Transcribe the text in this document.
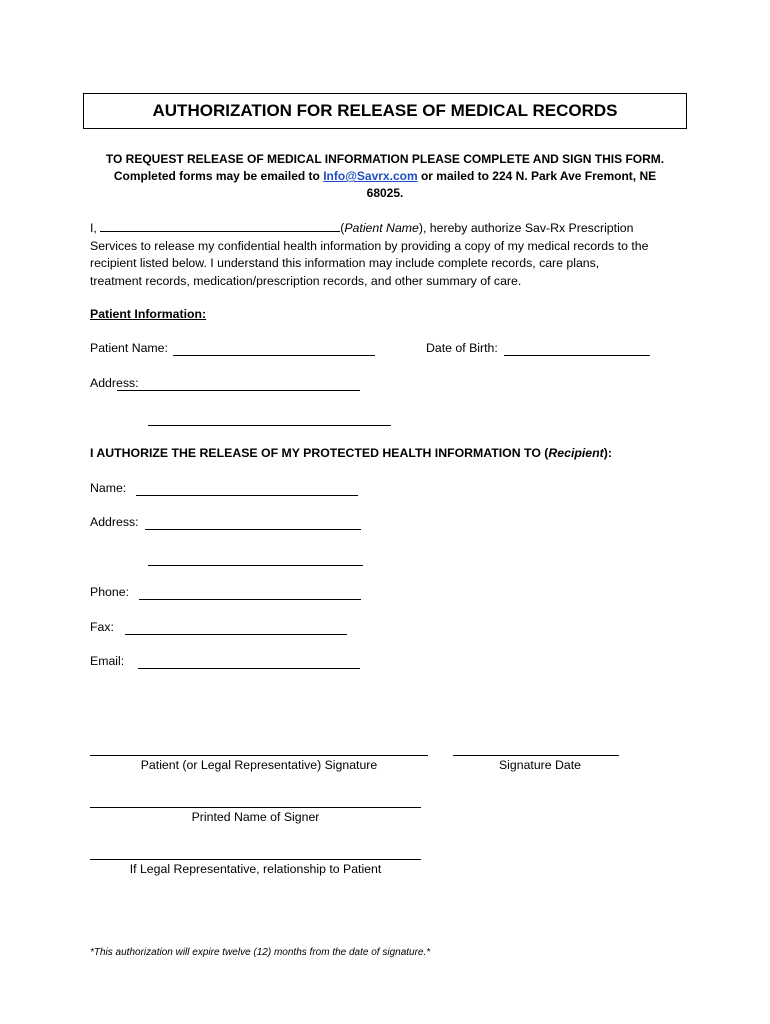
AUTHORIZATION FOR RELEASE OF MEDICAL RECORDS
TO REQUEST RELEASE OF MEDICAL INFORMATION PLEASE COMPLETE AND SIGN THIS FORM.
Completed forms may be emailed to Info@Savrx.com or mailed to 224 N. Park Ave Fremont, NE
68025.
I,	(Patient Name), hereby authorize Sav-Rx Prescription
Services to release my confidential health information by providing a copy of my medical records to the
recipient listed below. I understand this information may include complete records, care plans,
treatment records, medication/prescription records, and other summary of care.
Patient Information:
Patient Name:	Date of Birth:
Address:
I AUTHORIZE THE RELEASE OF MY PROTECTED HEALTH INFORMATION TO (Recipient):
Name:
Address:
Phone:
Fax:
Email:
Patient (or Legal Representative) Signature	Signature Date
Printed Name of Signer
If Legal Representative, relationship to Patient
*This authorization will expire twelve (12) months from the date of signature.*
